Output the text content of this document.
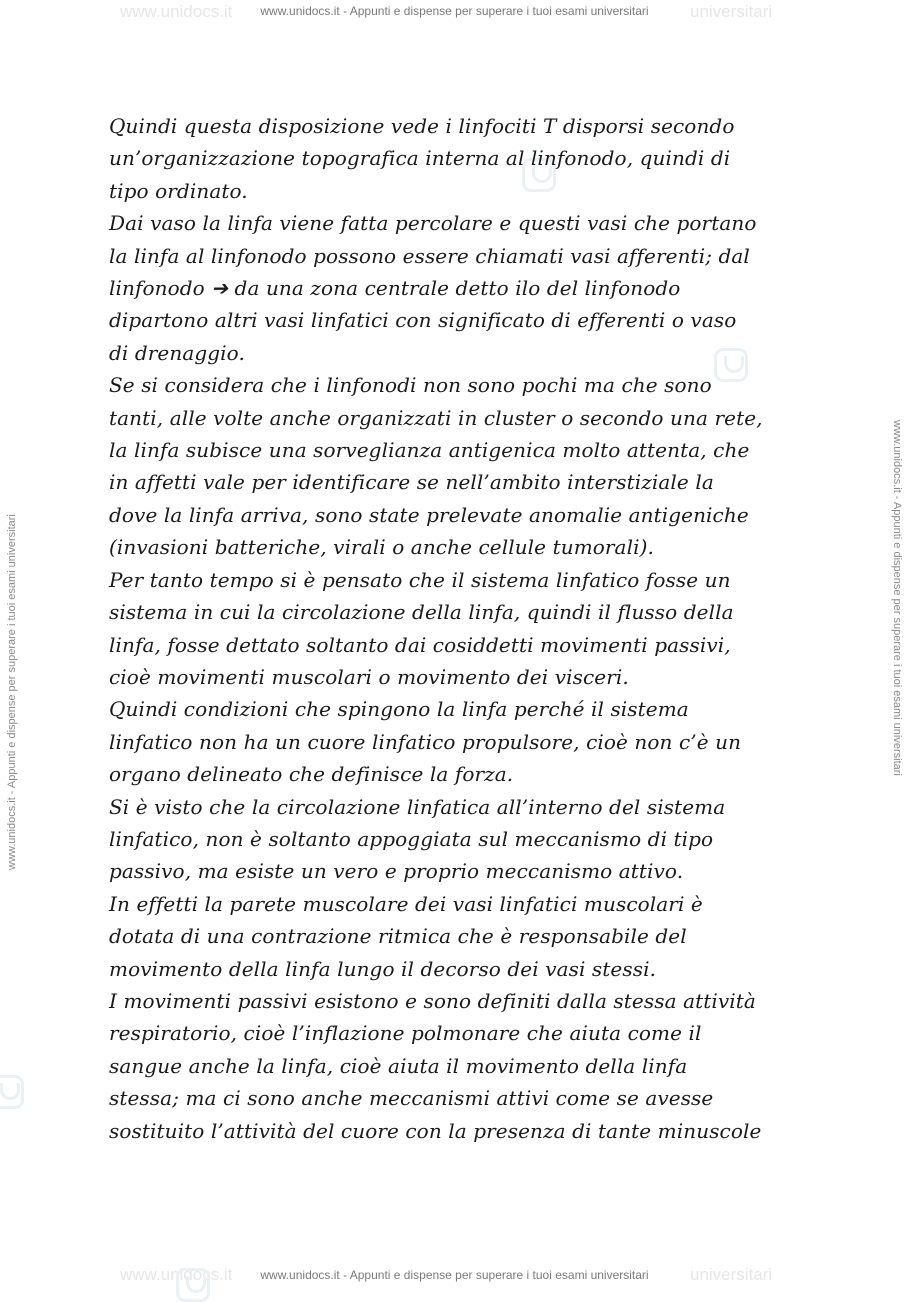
www.unidocs.it	universitari
www.unidocs.it	universitari
www.unidocs.it - Appunti e dispense per superare i tuoi esami universitari
www.unidocs.it - Appunti e dispense per superare i tuoi esami universitari	www.unidocs.it - Appunti e dispense per superare i tuoi esami universitari

Quindi questa disposizione vede i linfociti T disporsi secondo

un’organizzazione topografica interna al linfonodo, quindi di

tipo ordinato.

Dai vaso la linfa viene fatta percolare e questi vasi che portano

la linfa al linfonodo possono essere chiamati vasi afferenti; dal

linfonodo ➔ da una zona centrale detto ilo del linfonodo

dipartono altri vasi linfatici con significato di efferenti o vaso

di drenaggio.

Se si considera che i linfonodi non sono pochi ma che sono

tanti, alle volte anche organizzati in cluster o secondo una rete,

la linfa subisce una sorveglianza antigenica molto attenta, che

in affetti vale per identificare se nell’ambito interstiziale la

dove la linfa arriva, sono state prelevate anomalie antigeniche

(invasioni batteriche, virali o anche cellule tumorali).

Per tanto tempo si è pensato che il sistema linfatico fosse un

sistema in cui la circolazione della linfa, quindi il flusso della

linfa, fosse dettato soltanto dai cosiddetti movimenti passivi,

cioè movimenti muscolari o movimento dei visceri.

Quindi condizioni che spingono la linfa perché il sistema

linfatico non ha un cuore linfatico propulsore, cioè non c’è un

organo delineato che definisce la forza.

Si è visto che la circolazione linfatica all’interno del sistema

linfatico, non è soltanto appoggiata sul meccanismo di tipo

passivo, ma esiste un vero e proprio meccanismo attivo.

In effetti la parete muscolare dei vasi linfatici muscolari è

dotata di una contrazione ritmica che è responsabile del

movimento della linfa lungo il decorso dei vasi stessi.

I movimenti passivi esistono e sono definiti dalla stessa attività

respiratorio, cioè l’inflazione polmonare che aiuta come il

sangue anche la linfa, cioè aiuta il movimento della linfa

stessa; ma ci sono anche meccanismi attivi come se avesse

sostituito l’attività del cuore con la presenza di tante minuscole

www.unidocs.it - Appunti e dispense per superare i tuoi esami universitari
